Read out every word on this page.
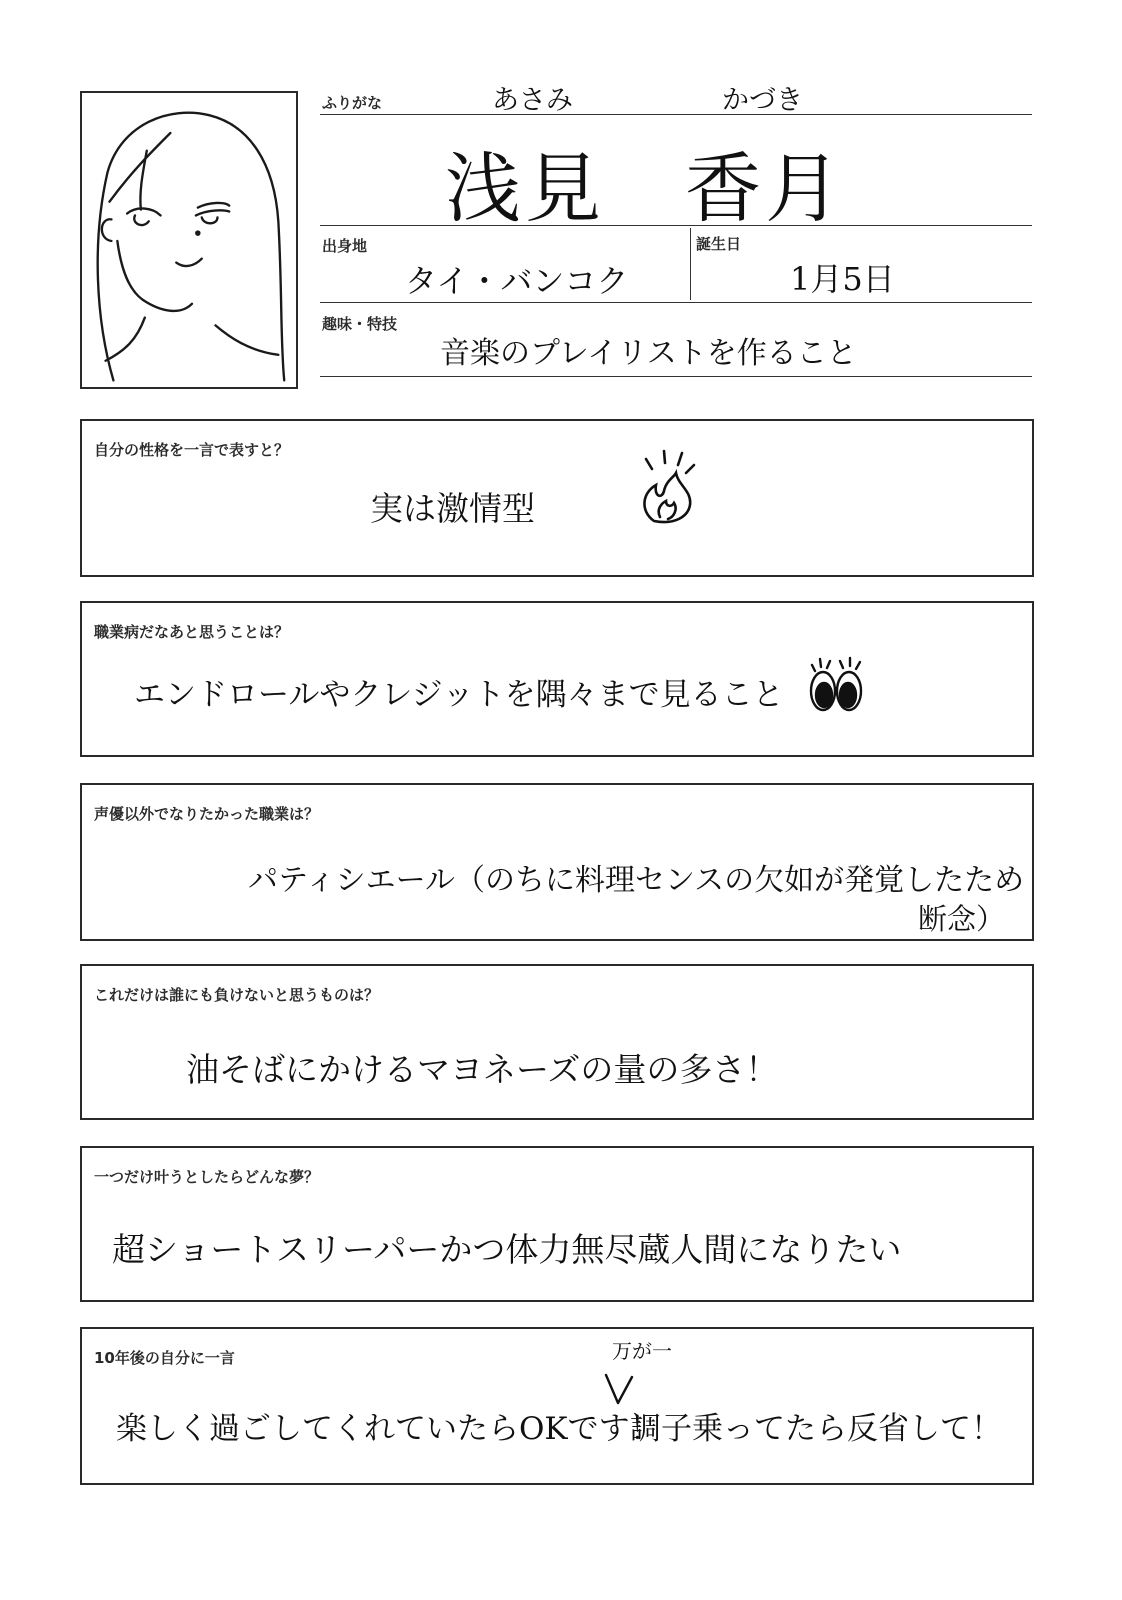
ふりがな	あさみ	かづき
浅見　香月
出身地
タイ・バンコク
誕生日
1月5日
趣味・特技
音楽のプレイリストを作ること
自分の性格を一言で表すと？
実は激情型
職業病だなあと思うことは？
エンドロールやクレジットを隅々まで見ること
声優以外でなりたかった職業は？
パティシエール（のちに料理センスの欠如が発覚したため
断念）
これだけは誰にも負けないと思うものは？
油そばにかけるマヨネーズの量の多さ！
一つだけ叶うとしたらどんな夢？
超ショートスリーパーかつ体力無尽蔵人間になりたい
10年後の自分に一言	万が一
楽しく過ごしてくれていたらOKです！
調子乗ってたら反省して！
